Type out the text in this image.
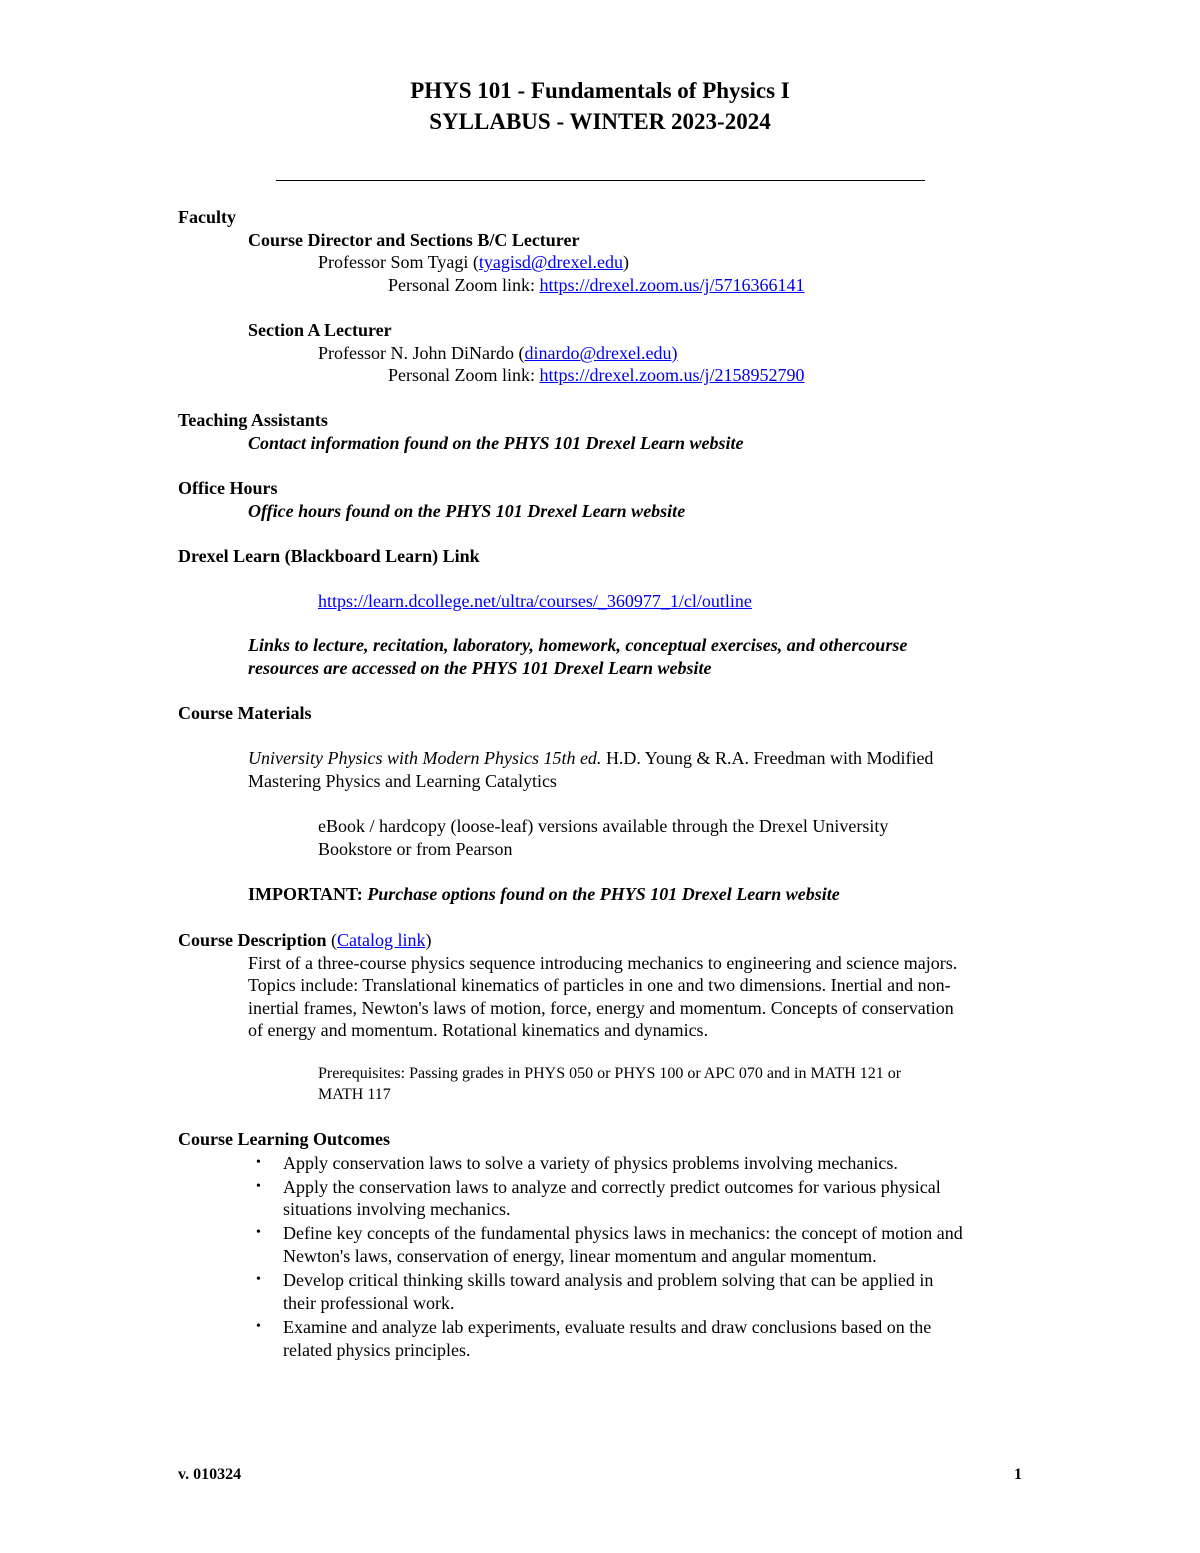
PHYS 101 - Fundamentals of Physics I
SYLLABUS - WINTER 2023-2024
Faculty
Course Director and Sections B/C Lecturer
Professor Som Tyagi (tyagisd@drexel.edu)
Personal Zoom link: https://drexel.zoom.us/j/5716366141
Section A Lecturer
Professor N. John DiNardo (dinardo@drexel.edu)
Personal Zoom link: https://drexel.zoom.us/j/2158952790
Teaching Assistants
Contact information found on the PHYS 101 Drexel Learn website
Office Hours
Office hours found on the PHYS 101 Drexel Learn website
Drexel Learn (Blackboard Learn) Link
https://learn.dcollege.net/ultra/courses/_360977_1/cl/outline
Links to lecture, recitation, laboratory, homework, conceptual exercises, and othercourse
resources are accessed on the PHYS 101 Drexel Learn website
Course Materials
University Physics with Modern Physics 15th ed. H.D. Young & R.A. Freedman with Modified
Mastering Physics and Learning Catalytics
eBook / hardcopy (loose-leaf) versions available through the Drexel University
Bookstore or from Pearson
IMPORTANT: Purchase options found on the PHYS 101 Drexel Learn website
Course Description (Catalog link)
First of a three-course physics sequence introducing mechanics to engineering and science majors.
Topics include: Translational kinematics of particles in one and two dimensions. Inertial and non-
inertial frames, Newton's laws of motion, force, energy and momentum. Concepts of conservation
of energy and momentum. Rotational kinematics and dynamics.
Prerequisites: Passing grades in PHYS 050 or PHYS 100 or APC 070 and in MATH 121 or
MATH 117
Course Learning Outcomes
• Apply conservation laws to solve a variety of physics problems involving mechanics.
• Apply the conservation laws to analyze and correctly predict outcomes for various physical
situations involving mechanics.
• Define key concepts of the fundamental physics laws in mechanics: the concept of motion and
Newton's laws, conservation of energy, linear momentum and angular momentum.
• Develop critical thinking skills toward analysis and problem solving that can be applied in
their professional work.
• Examine and analyze lab experiments, evaluate results and draw conclusions based on the
related physics principles.
v. 010324	1
